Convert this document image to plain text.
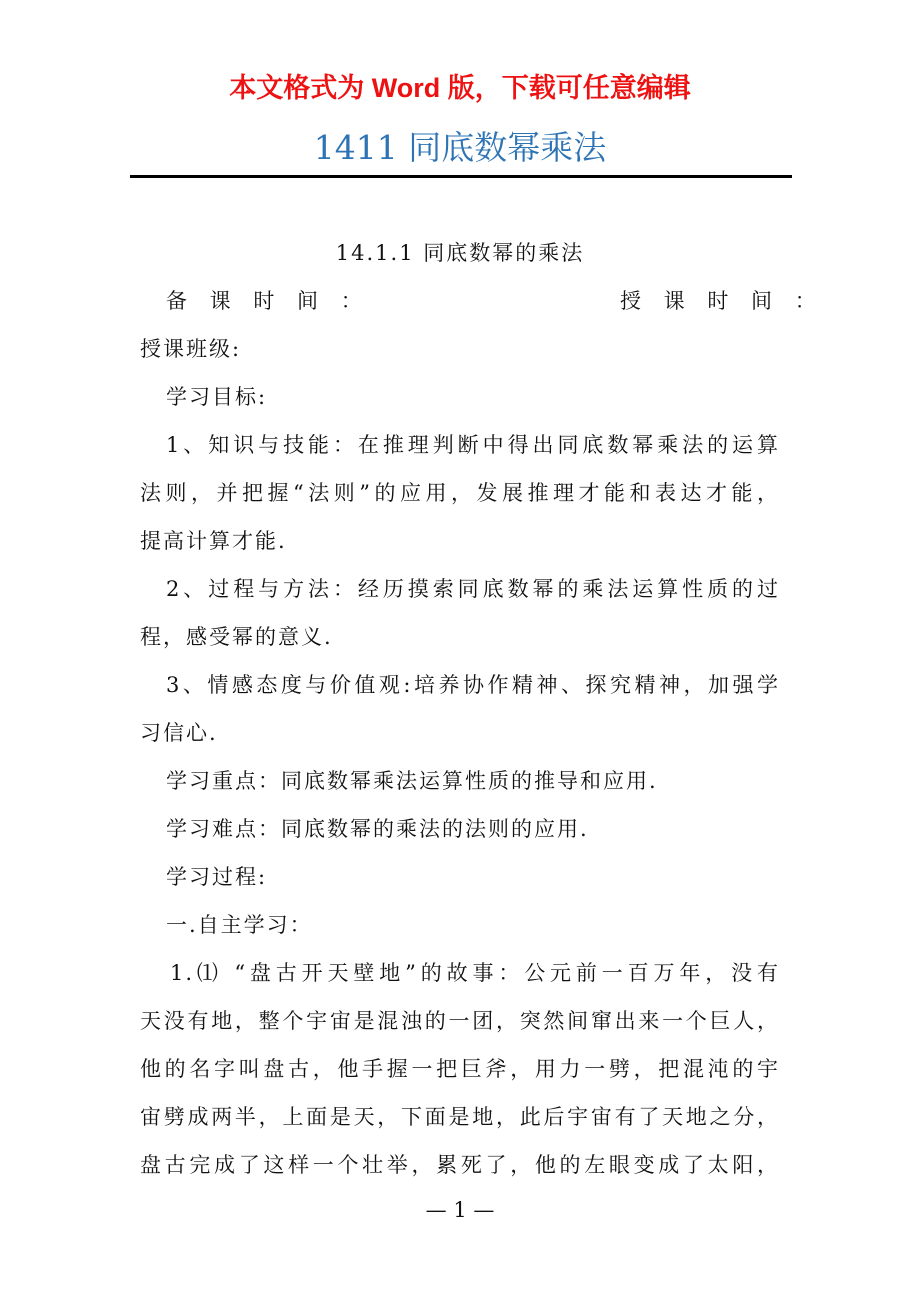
本文格式为 Word 版，下载可任意编辑
1411 同底数幂乘法
14.1.1 同底数幂的乘法
备 课 时 间 ：	授 课 时 间 ：
授课班级:
学习目标:
1、知识与技能：在推理判断中得出同底数幂乘法的运算
法则，并把握“法则”的应用，发展推理才能和表达才能，
提高计算才能.
2、过程与方法：经历摸索同底数幂的乘法运算性质的过
程，感受幂的意义.
3、情感态度与价值观:培养协作精神、探究精神，加强学
习信心.
学习重点：同底数幂乘法运算性质的推导和应用.
学习难点：同底数幂的乘法的法则的应用.
学习过程:
一.自主学习：
1.⑴ “盘古开天壁地”的故事：公元前一百万年，没有
天没有地，整个宇宙是混浊的一团，突然间窜出来一个巨人，
他的名字叫盘古，他手握一把巨斧，用力一劈，把混沌的宇
宙劈成两半，上面是天，下面是地，此后宇宙有了天地之分，
盘古完成了这样一个壮举，累死了，他的左眼变成了太阳，
— 1 —
